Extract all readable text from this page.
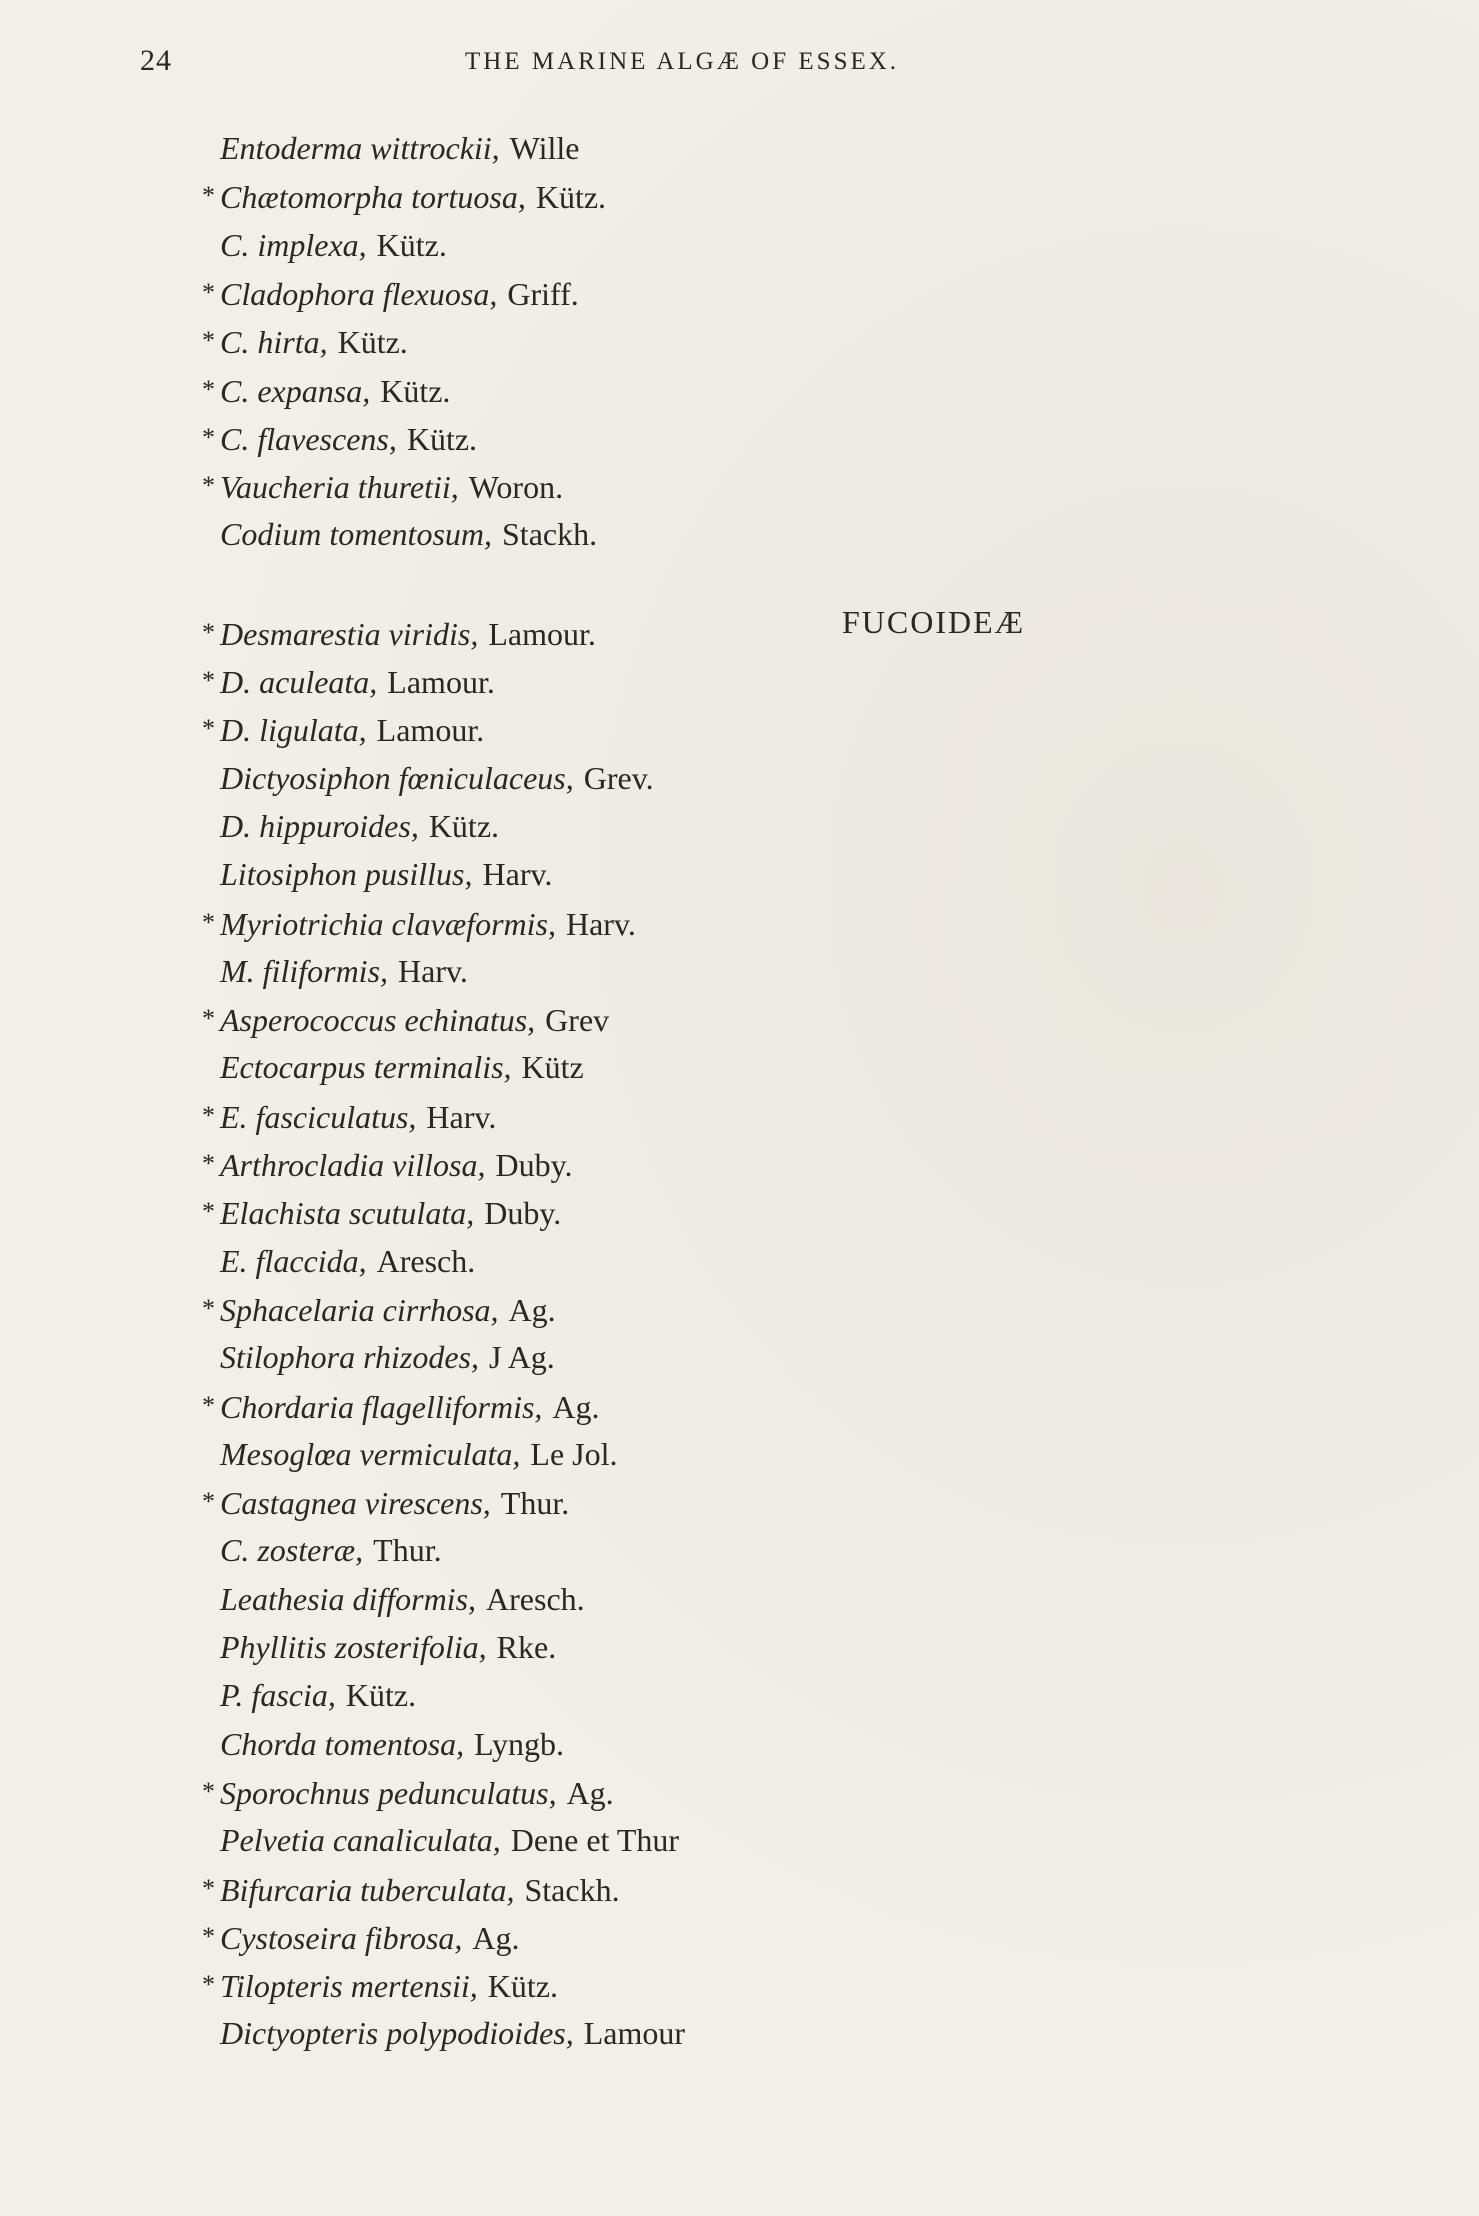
24	THE MARINE ALGÆ OF ESSEX.
FUCOIDEÆ
Entoderma wittrockii, Wille
* Chætomorpha tortuosa, Kütz.
C. implexa, Kütz.
* Cladophora flexuosa, Griff.
* C. hirta, Kütz.
* C. expansa, Kütz.
* C. flavescens, Kütz.
* Vaucheria thuretii, Woron.
Codium tomentosum, Stackh.
* Desmarestia viridis, Lamour.
* D. aculeata, Lamour.
* D. ligulata, Lamour.
Dictyosiphon fœniculaceus, Grev.
D. hippuroides, Kütz.
Litosiphon pusillus, Harv.
* Myriotrichia clavæformis, Harv.
M. filiformis, Harv.
* Asperococcus echinatus, Grev
Ectocarpus terminalis, Kütz
* E. fasciculatus, Harv.
* Arthrocladia villosa, Duby.
* Elachista scutulata, Duby.
E. flaccida, Aresch.
* Sphacelaria cirrhosa, Ag.
Stilophora rhizodes, J Ag.
* Chordaria flagelliformis, Ag.
Mesoglœa vermiculata, Le Jol.
* Castagnea virescens, Thur.
C. zosteræ, Thur.
Leathesia difformis, Aresch.
Phyllitis zosterifolia, Rke.
P. fascia, Kütz.
Chorda tomentosa, Lyngb.
* Sporochnus pedunculatus, Ag.
Pelvetia canaliculata, Dene et Thur
* Bifurcaria tuberculata, Stackh.
* Cystoseira fibrosa, Ag.
* Tilopteris mertensii, Kütz.
Dictyopteris polypodioides, Lamour
